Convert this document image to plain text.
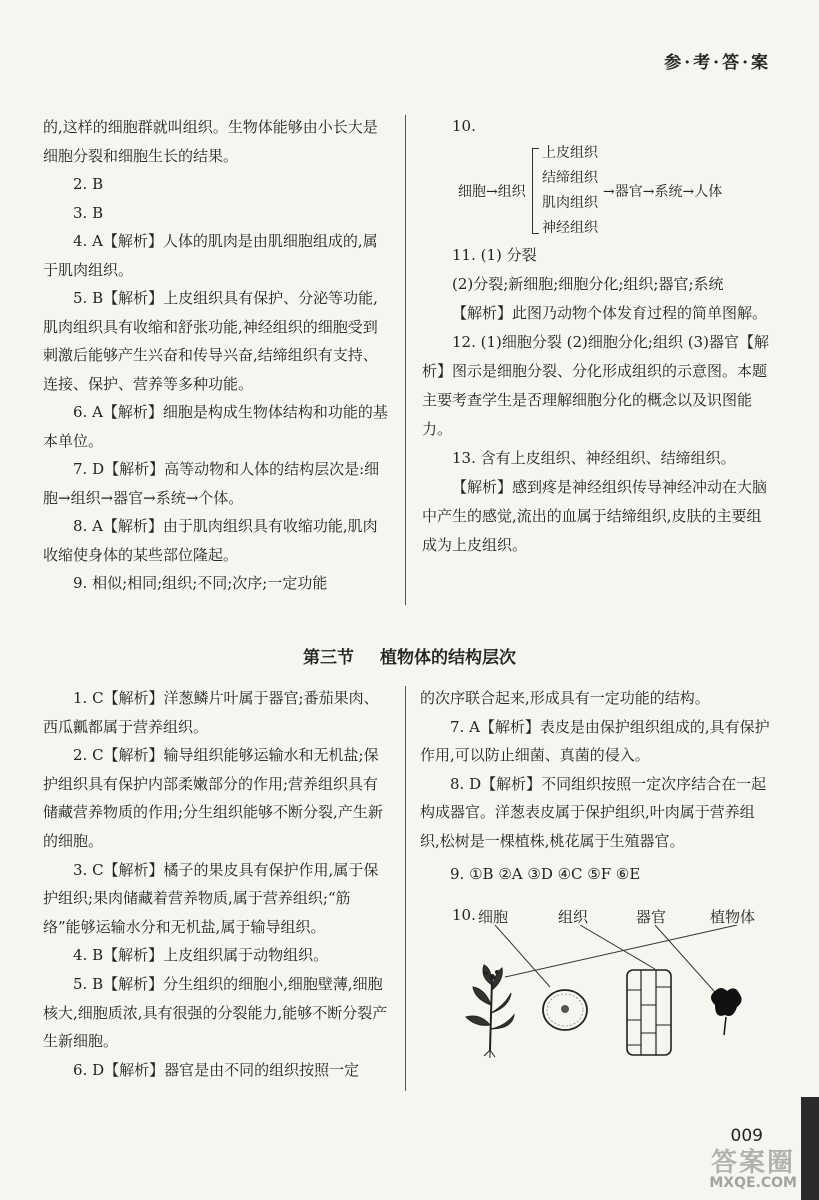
参·考·答·案

的,这样的细胞群就叫组织。生物体能够由小长大是细胞分裂和细胞生长的结果。

2. B

3. B

4. A【解析】人体的肌肉是由肌细胞组成的,属于肌肉组织。

5. B【解析】上皮组织具有保护、分泌等功能,肌肉组织具有收缩和舒张功能,神经组织的细胞受到刺激后能够产生兴奋和传导兴奋,结缔组织有支持、连接、保护、营养等多种功能。

6. A【解析】细胞是构成生物体结构和功能的基本单位。

7. D【解析】高等动物和人体的结构层次是:细胞→组织→器官→系统→个体。

8. A【解析】由于肌肉组织具有收缩功能,肌肉收缩使身体的某些部位隆起。

9. 相似;相同;组织;不同;次序;一定功能

10.
细胞→组织
上皮组织
结缔组织
肌肉组织
神经组织
→器官→系统→人体

11. (1) 分裂

(2)分裂;新细胞;细胞分化;组织;器官;系统

【解析】此图乃动物个体发育过程的简单图解。

12. (1)细胞分裂 (2)细胞分化;组织 (3)器官【解析】图示是细胞分裂、分化形成组织的示意图。本题主要考查学生是否理解细胞分化的概念以及识图能力。

13. 含有上皮组织、神经组织、结缔组织。

【解析】感到疼是神经组织传导神经冲动在大脑中产生的感觉,流出的血属于结缔组织,皮肤的主要组成为上皮组织。

第三节 植物体的结构层次

1. C【解析】洋葱鳞片叶属于器官;番茄果肉、西瓜瓤都属于营养组织。

2. C【解析】输导组织能够运输水和无机盐;保护组织具有保护内部柔嫩部分的作用;营养组织具有储藏营养物质的作用;分生组织能够不断分裂,产生新的细胞。

3. C【解析】橘子的果皮具有保护作用,属于保护组织;果肉储藏着营养物质,属于营养组织;“筋络”能够运输水分和无机盐,属于输导组织。

4. B【解析】上皮组织属于动物组织。

5. B【解析】分生组织的细胞小,细胞壁薄,细胞核大,细胞质浓,具有很强的分裂能力,能够不断分裂产生新细胞。

6. D【解析】器官是由不同的组织按照一定

的次序联合起来,形成具有一定功能的结构。

7. A【解析】表皮是由保护组织组成的,具有保护作用,可以防止细菌、真菌的侵入。

8. D【解析】不同组织按照一定次序结合在一起构成器官。洋葱表皮属于保护组织,叶肉属于营养组织,松树是一棵植株,桃花属于生殖器官。

9. ①B ②A ③D ④C ⑤F ⑥E

10. 细胞	组织	器官	植物体
009
答案圈
MXQE.COM
